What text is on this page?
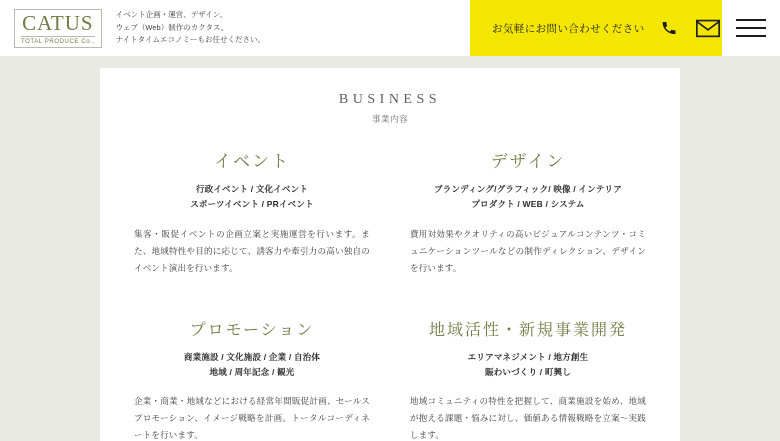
CATUS
TOTAL PRODUCE Co.,
イベント企画・運営、デザイン、
ウェブ（Web）制作のカクタス。
ナイトタイムエコノミーもお任せください。
お気軽にお問い合わせください
BUSINESS
事業内容
イベント
行政イベント / 文化イベント
スポーツイベント / PRイベント
集客・販促イベントの企画立案と実施運営を行います。また、地域特性や目的に応じて、誘客力や牽引力の高い独自のイベント演出を行います。
デザイン
ブランディング/グラフィック/ 映像 / インテリア
プロダクト / WEB / システム
費用対効果やクオリティの高いビジュアルコンテンツ・コミュニケーションツールなどの制作ディレクション、デザインを行います。
プロモーション
商業施設 / 文化施設 / 企業 / 自治体
地域 / 周年記念 / 観光
企業・商業・地域などにおける経常年間販促計画、セールスプロモーション、イメージ戦略を計画。トータルコーディネートを行います。
地域活性・新規事業開発
エリアマネジメント / 地方創生
賑わいづくり / 町興し
地域コミュニティの特性を把握して、商業施設を始め、地域が抱える課題・悩みに対し、価値ある情報戦略を立案〜実践します。
